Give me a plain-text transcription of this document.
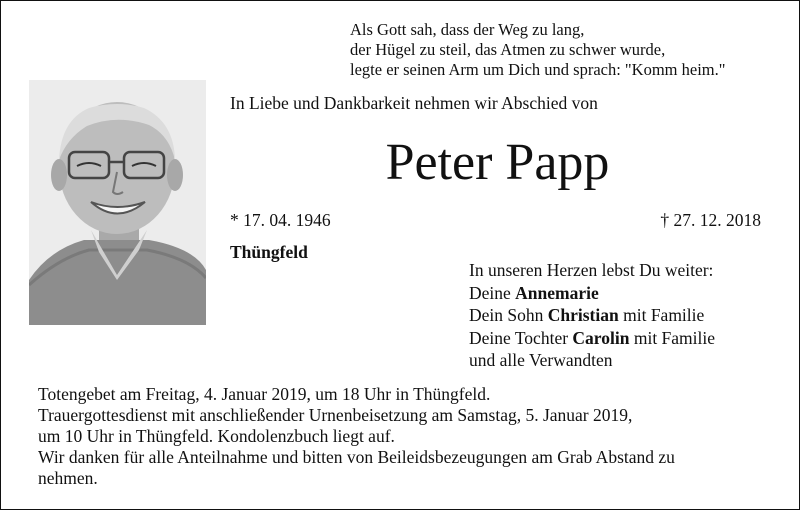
Als Gott sah, dass der Weg zu lang,
der Hügel zu steil, das Atmen zu schwer wurde,
legte er seinen Arm um Dich und sprach: "Komm heim."
In Liebe und Dankbarkeit nehmen wir Abschied von
Peter Papp
* 17. 04. 1946	† 27. 12. 2018
Thüngfeld
In unseren Herzen lebst Du weiter:
Deine Annemarie
Dein Sohn Christian mit Familie
Deine Tochter Carolin mit Familie
und alle Verwandten
Totengebet am Freitag, 4. Januar 2019, um 18 Uhr in Thüngfeld.
Trauergottesdienst mit anschließender Urnenbeisetzung am Samstag, 5. Januar 2019,
um 10 Uhr in Thüngfeld. Kondolenzbuch liegt auf.
Wir danken für alle Anteilnahme und bitten von Beileidsbezeugungen am Grab Abstand zu
nehmen.
